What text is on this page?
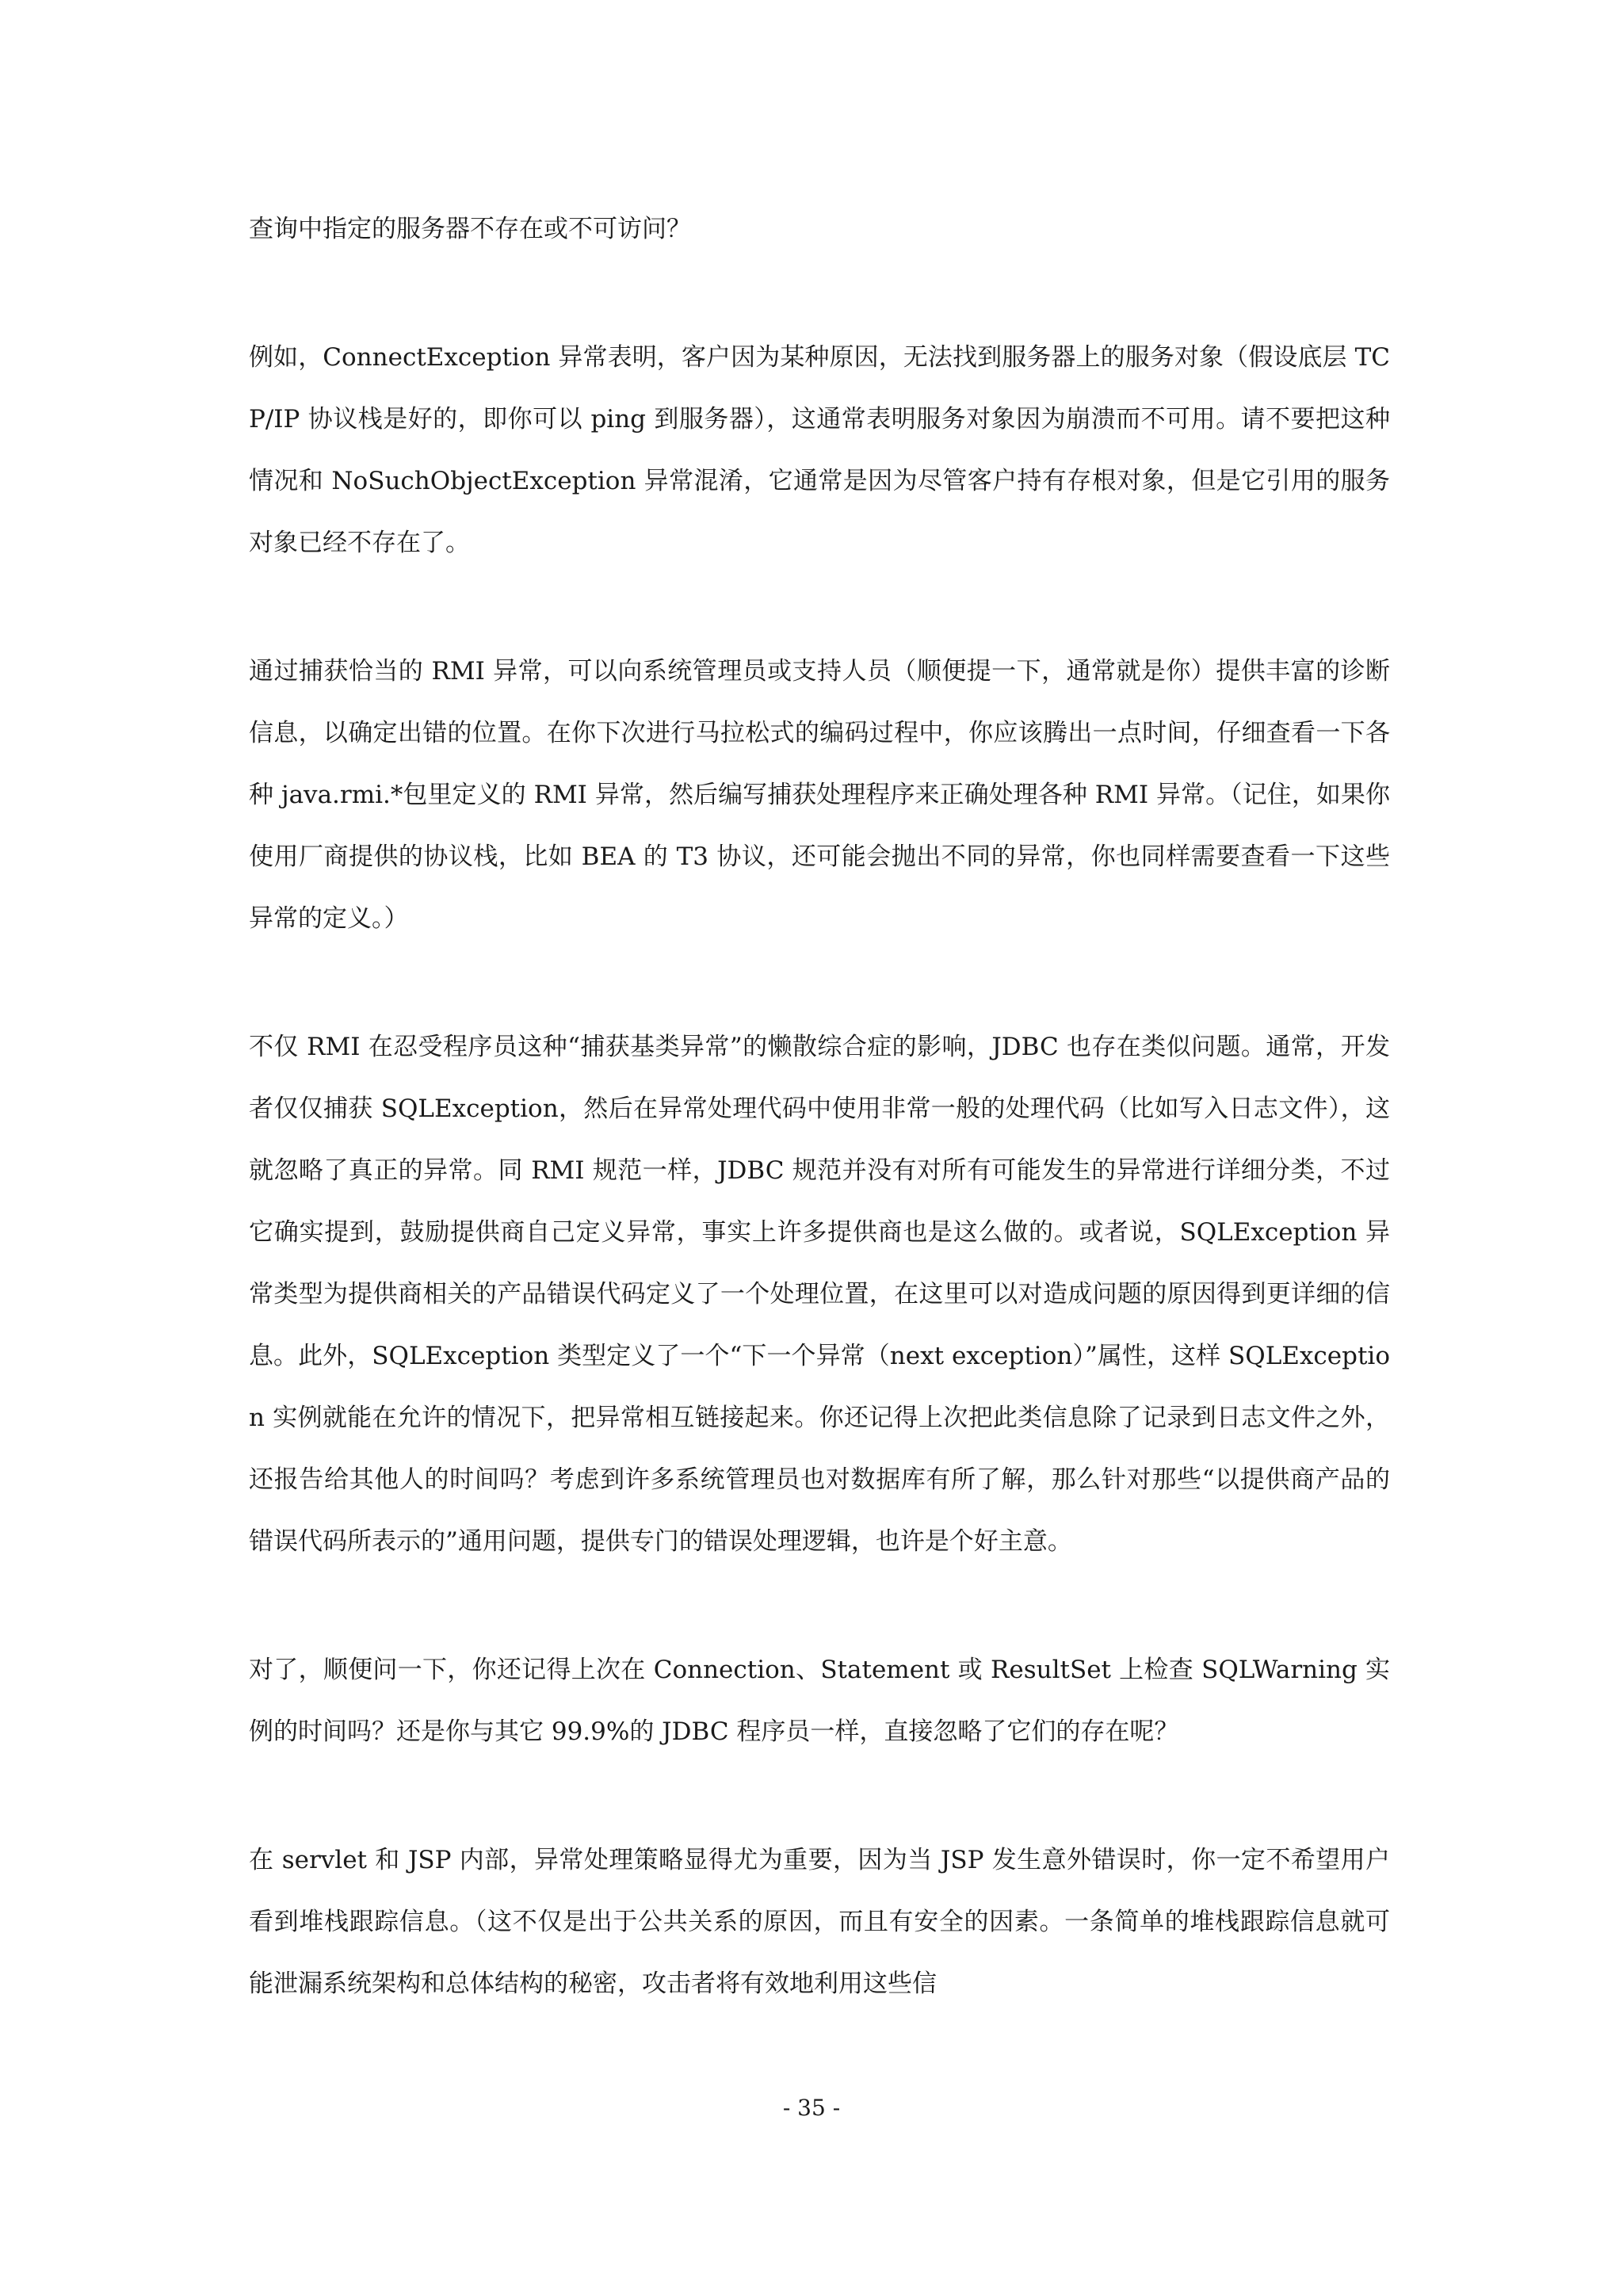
查询中指定的服务器不存在或不可访问？

例如，ConnectException 异常表明，客户因为某种原因，无法找到服务器上的服务对象（假设底层 TCP/IP 协议栈是好的，即你可以 ping 到服务器），这通常表明服务对象因为崩溃而不可用。请不要把这种情况和 NoSuchObjectException 异常混淆，它通常是因为尽管客户持有存根对象，但是它引用的服务对象已经不存在了。

通过捕获恰当的 RMI 异常，可以向系统管理员或支持人员（顺便提一下，通常就是你）提供丰富的诊断信息，以确定出错的位置。在你下次进行马拉松式的编码过程中，你应该腾出一点时间，仔细查看一下各种 java.rmi.*包里定义的 RMI 异常，然后编写捕获处理程序来正确处理各种 RMI 异常。（记住，如果你使用厂商提供的协议栈，比如 BEA 的 T3 协议，还可能会抛出不同的异常，你也同样需要查看一下这些异常的定义。）

不仅 RMI 在忍受程序员这种“捕获基类异常”的懒散综合症的影响，JDBC 也存在类似问题。通常，开发者仅仅捕获 SQLException，然后在异常处理代码中使用非常一般的处理代码（比如写入日志文件），这就忽略了真正的异常。同 RMI 规范一样，JDBC 规范并没有对所有可能发生的异常进行详细分类，不过它确实提到，鼓励提供商自己定义异常，事实上许多提供商也是这么做的。或者说，SQLException 异常类型为提供商相关的产品错误代码定义了一个处理位置，在这里可以对造成问题的原因得到更详细的信息。此外，SQLException 类型定义了一个“下一个异常（next exception）”属性，这样 SQLException 实例就能在允许的情况下，把异常相互链接起来。你还记得上次把此类信息除了记录到日志文件之外，还报告给其他人的时间吗？考虑到许多系统管理员也对数据库有所了解，那么针对那些“以提供商产品的错误代码所表示的”通用问题，提供专门的错误处理逻辑，也许是个好主意。

对了，顺便问一下，你还记得上次在 Connection、Statement 或 ResultSet 上检查 SQLWarning 实例的时间吗？还是你与其它 99.9%的 JDBC 程序员一样，直接忽略了它们的存在呢？

在 servlet 和 JSP 内部，异常处理策略显得尤为重要，因为当 JSP 发生意外错误时，你一定不希望用户看到堆栈跟踪信息。（这不仅是出于公共关系的原因，而且有安全的因素。一条简单的堆栈跟踪信息就可能泄漏系统架构和总体结构的秘密，攻击者将有效地利用这些信

- 35 -
